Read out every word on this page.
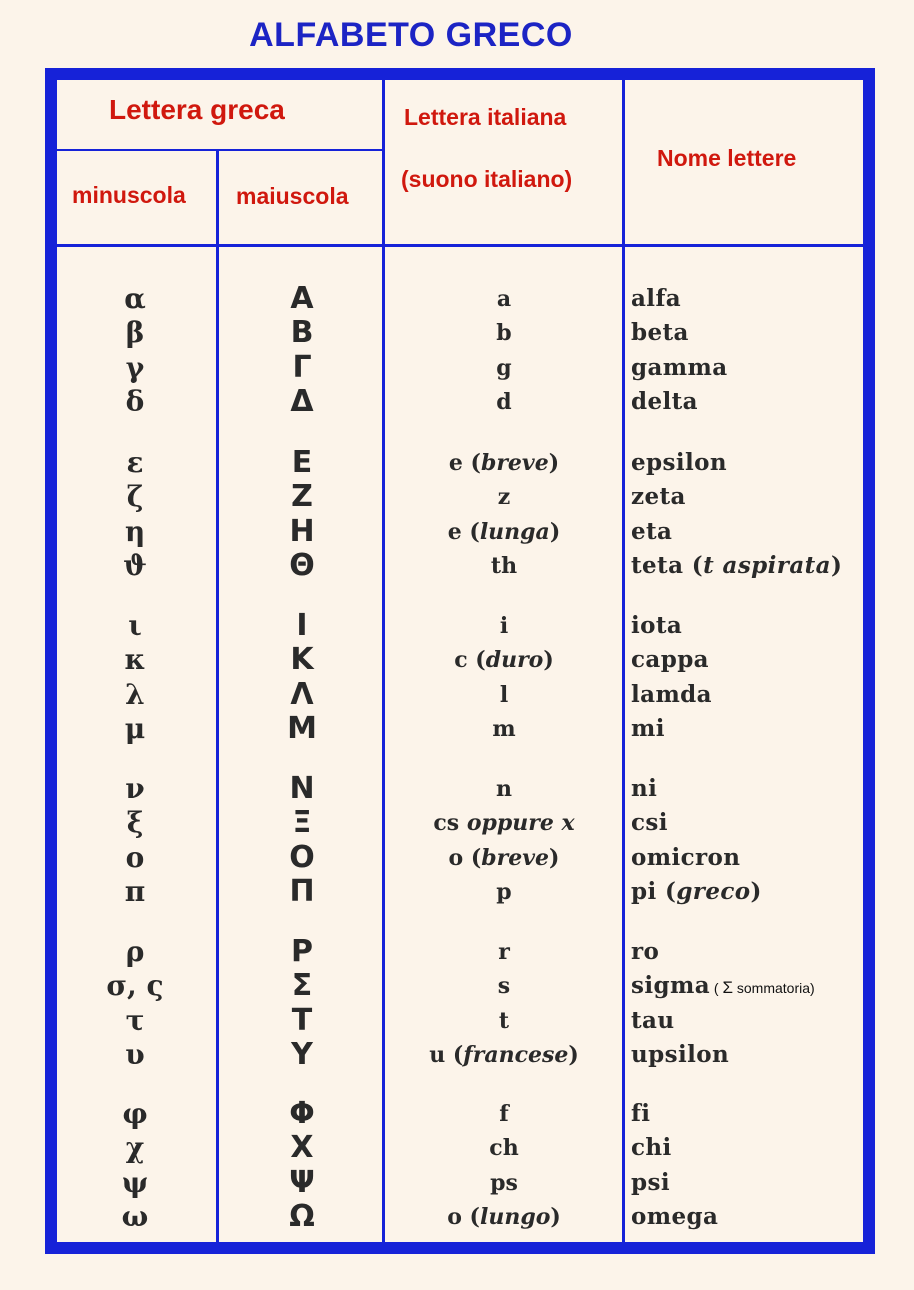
ALFABETO GRECO
Lettera greca
minuscola maiuscola
Lettera italiana
(suono italiano)
Nome lettere
α	Α	a	alfa
β	Β	b	beta
γ	Γ	g	gamma
δ	Δ	d	delta
ε	Ε	e (breve)	epsilon
ζ	Ζ	z	zeta
η	Η	e (lunga)	eta
ϑ	Θ	th	teta (t aspirata)
ι	Ι	i	iota
κ	Κ	c (duro)	cappa
λ	Λ	l	lamda
μ	Μ	m	mi
ν	Ν	n	ni
ξ	Ξ	cs oppure x	csi
ο	Ο	o (breve)	omicron
π	Π	p	pi (greco)
ρ	Ρ	r	ro
σ, ς	Σ	s	sigma ( Σ sommatoria)
τ	Τ	t	tau
υ	Υ	u (francese)	upsilon
φ	Φ	f	fi
χ	Χ	ch	chi
ψ	Ψ	ps	psi
ω	Ω	o (lungo)	omega
